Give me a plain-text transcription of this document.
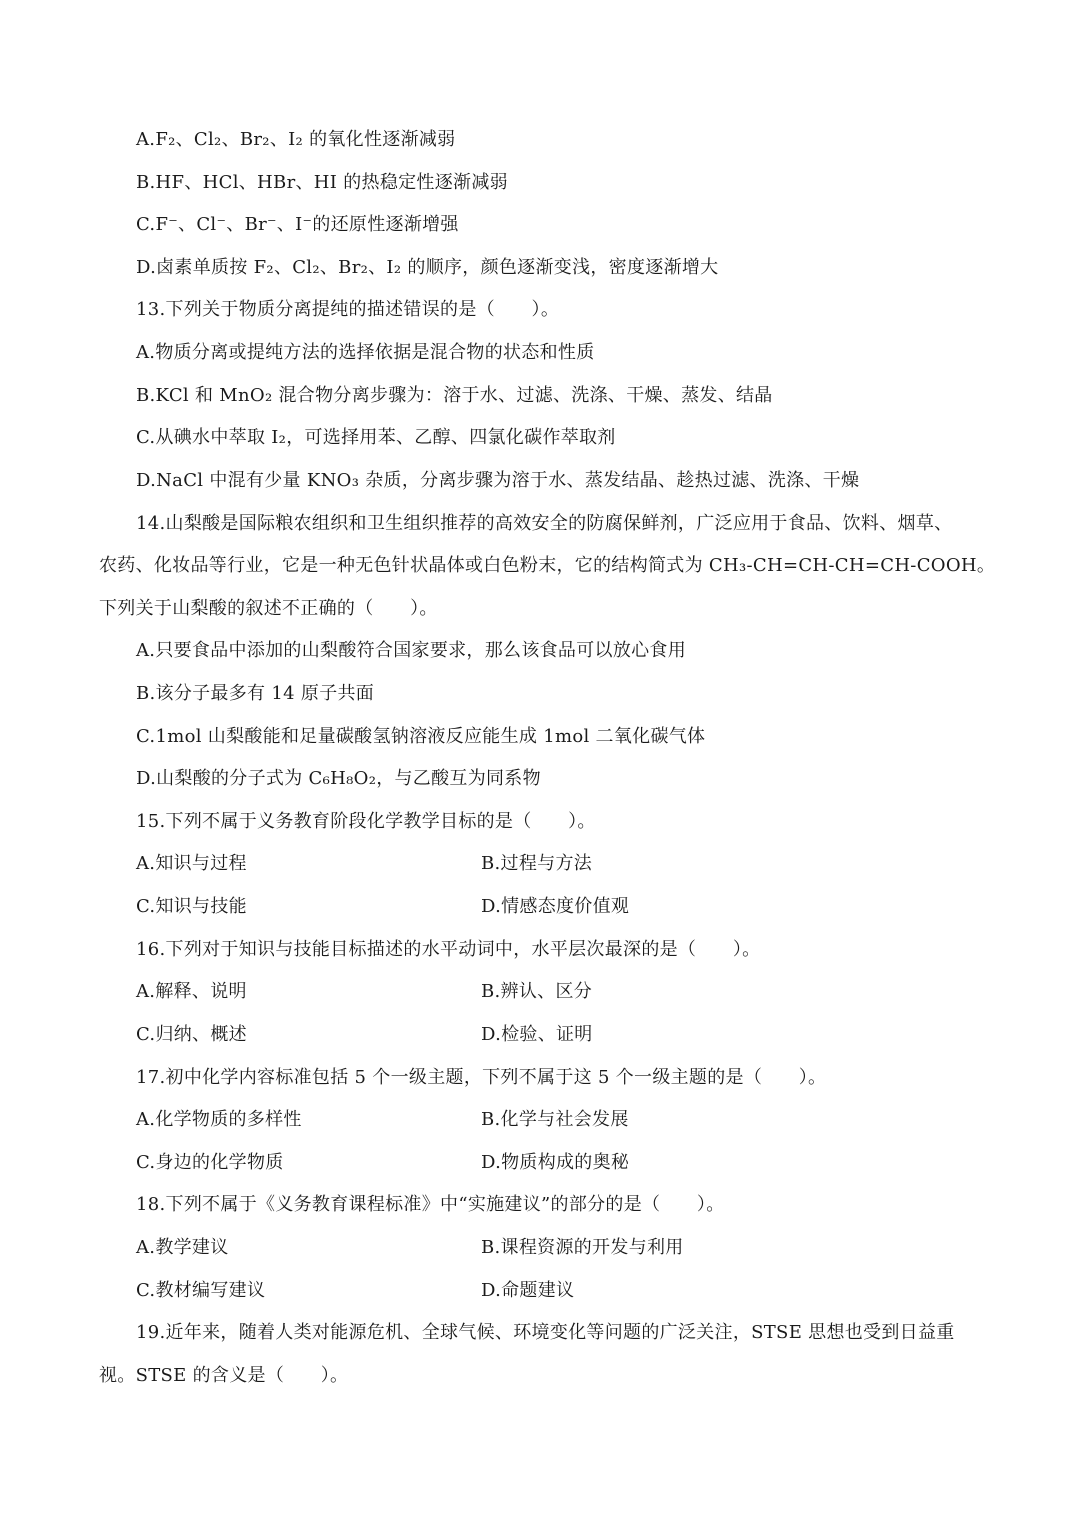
A.F₂、Cl₂、Br₂、I₂ 的氧化性逐渐减弱
B.HF、HCl、HBr、HI 的热稳定性逐渐减弱
C.F⁻、Cl⁻、Br⁻、I⁻的还原性逐渐增强
D.卤素单质按 F₂、Cl₂、Br₂、I₂ 的顺序，颜色逐渐变浅，密度逐渐增大
13.下列关于物质分离提纯的描述错误的是（　　）。
A.物质分离或提纯方法的选择依据是混合物的状态和性质
B.KCl 和 MnO₂ 混合物分离步骤为：溶于水、过滤、洗涤、干燥、蒸发、结晶
C.从碘水中萃取 I₂，可选择用苯、乙醇、四氯化碳作萃取剂
D.NaCl 中混有少量 KNO₃ 杂质，分离步骤为溶于水、蒸发结晶、趁热过滤、洗涤、干燥
14.山梨酸是国际粮农组织和卫生组织推荐的高效安全的防腐保鲜剂，广泛应用于食品、饮料、烟草、
农药、化妆品等行业，它是一种无色针状晶体或白色粉末，它的结构简式为 CH₃-CH=CH-CH=CH-COOH。
下列关于山梨酸的叙述不正确的（　　）。
A.只要食品中添加的山梨酸符合国家要求，那么该食品可以放心食用
B.该分子最多有 14 原子共面
C.1mol 山梨酸能和足量碳酸氢钠溶液反应能生成 1mol 二氧化碳气体
D.山梨酸的分子式为 C₆H₈O₂，与乙酸互为同系物
15.下列不属于义务教育阶段化学教学目标的是（　　）。
A.知识与过程	B.过程与方法
C.知识与技能	D.情感态度价值观
16.下列对于知识与技能目标描述的水平动词中，水平层次最深的是（　　）。
A.解释、说明	B.辨认、区分
C.归纳、概述	D.检验、证明
17.初中化学内容标准包括 5 个一级主题，下列不属于这 5 个一级主题的是（　　）。
A.化学物质的多样性	B.化学与社会发展
C.身边的化学物质	D.物质构成的奥秘
18.下列不属于《义务教育课程标准》中“实施建议”的部分的是（　　）。
A.教学建议	B.课程资源的开发与利用
C.教材编写建议	D.命题建议
19.近年来，随着人类对能源危机、全球气候、环境变化等问题的广泛关注，STSE 思想也受到日益重
视。STSE 的含义是（　　）。
